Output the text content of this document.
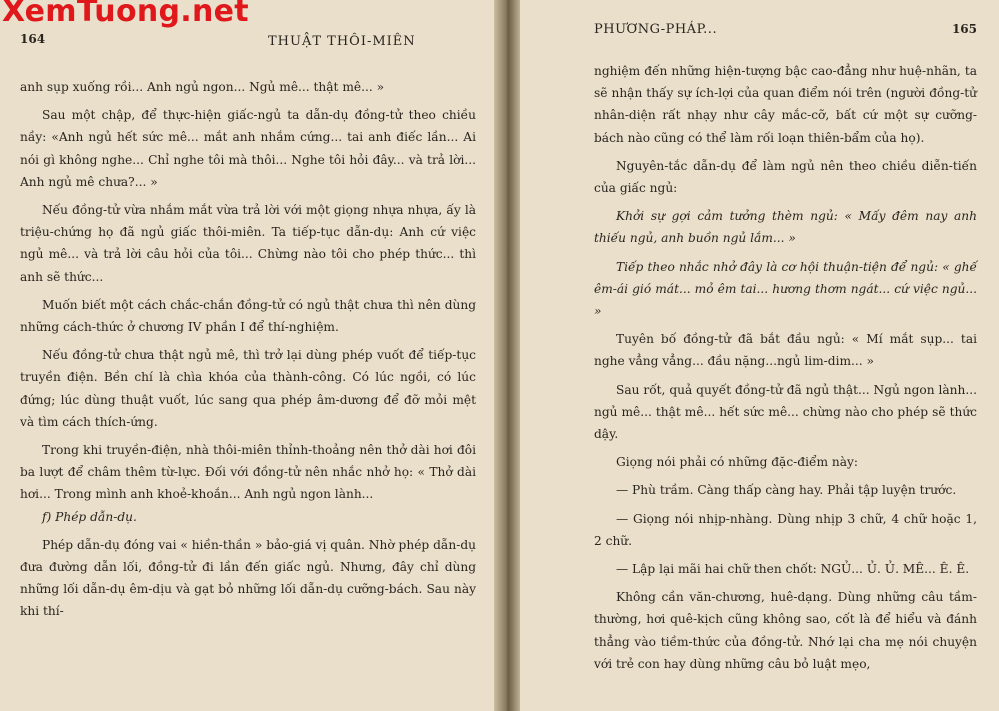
XemTuong.net
164	THUẬT THÔI-MIÊN

anh sụp xuống rồi... Anh ngủ ngon... Ngủ mê... thật mê... »

Sau một chập, để thực-hiện giấc-ngủ ta dẫn-dụ đồng-tử theo chiều nầy: «Anh ngủ hết sức mê... mắt anh nhắm cứng... tai anh điếc lần... Ai nói gì không nghe... Chỉ nghe tôi mà thôi... Nghe tôi hỏi đây... và trả lời... Anh ngủ mê chưa?... »

Nếu đồng-tử vừa nhắm mắt vừa trả lời với một giọng nhựa nhựa, ấy là triệu-chứng họ đã ngủ giấc thôi-miên. Ta tiếp-tục dẫn-dụ: Anh cứ việc ngủ mê... và trả lời câu hỏi của tôi... Chừng nào tôi cho phép thức... thì anh sẽ thức...

Muốn biết một cách chắc-chắn đồng-tử có ngủ thật chưa thì nên dùng những cách-thức ở chương IV phần I để thí-nghiệm.

Nếu đồng-tử chưa thật ngủ mê, thì trở lại dùng phép vuốt để tiếp-tục truyền điện. Bền chí là chìa khóa của thành-công. Có lúc ngồi, có lúc đứng; lúc dùng thuật vuốt, lúc sang qua phép âm-dương để đỡ mỏi mệt và tìm cách thích-ứng.

Trong khi truyền-điện, nhà thôi-miên thỉnh-thoảng nên thở dài hơi đôi ba lượt để châm thêm từ-lực. Đối với đồng-tử nên nhắc nhở họ: « Thở dài hơi... Trong mình anh khoẻ-khoắn... Anh ngủ ngon lành...

f) Phép dẫn-dụ.

Phép dẫn-dụ đóng vai « hiền-thần » bảo-giá vị quân. Nhờ phép dẫn-dụ đưa đường dẫn lối, đồng-tử đi lần đến giấc ngủ. Nhưng, đây chỉ dùng những lối dẫn-dụ êm-dịu và gạt bỏ những lối dẫn-dụ cưỡng-bách. Sau này khi thí-

PHƯƠNG-PHÁP...	165

nghiệm đến những hiện-tượng bậc cao-đẳng như huệ-nhãn, ta sẽ nhận thấy sự ích-lợi của quan điểm nói trên (người đồng-tử nhân-diện rất nhạy như cây mắc-cỡ, bất cứ một sự cưỡng-bách nào cũng có thể làm rối loạn thiên-bẩm của họ).

Nguyên-tắc dẫn-dụ để làm ngủ nên theo chiều diễn-tiến của giấc ngủ:

Khởi sự gợi cảm tưởng thèm ngủ: « Mấy đêm nay anh thiếu ngủ, anh buồn ngủ lắm... »

Tiếp theo nhắc nhở đây là cơ hội thuận-tiện để ngủ: « ghế êm-ái gió mát... mỏ êm tai... hương thơm ngát... cứ việc ngủ... »

Tuyên bố đồng-tử đã bắt đầu ngủ: « Mí mắt sụp... tai nghe vẳng vẳng... đầu nặng...ngủ lim-dim... »

Sau rốt, quả quyết đồng-tử đã ngủ thật... Ngủ ngon lành... ngủ mê... thật mê... hết sức mê... chừng nào cho phép sẽ thức dậy.

Giọng nói phải có những đặc-điểm này:

— Phù trầm. Càng thấp càng hay. Phải tập luyện trước.

— Giọng nói nhịp-nhàng. Dùng nhịp 3 chữ, 4 chữ hoặc 1, 2 chữ.

— Lập lại mãi hai chữ then chốt: NGỦ... Ủ. Ủ. MÊ... Ê. Ê.

Không cần văn-chương, huê-dạng. Dùng những câu tầm-thường, hơi quê-kịch cũng không sao, cốt là để hiểu và đánh thẳng vào tiềm-thức của đồng-tử. Nhớ lại cha mẹ nói chuyện với trẻ con hay dùng những câu bỏ luật mẹo,
